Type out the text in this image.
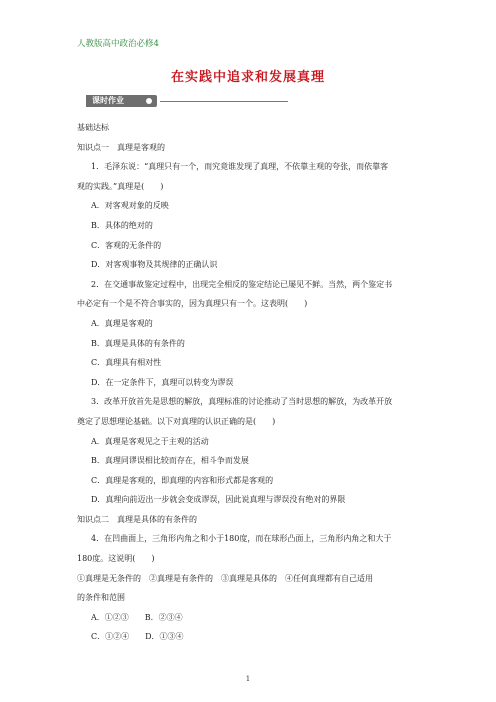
人教版高中政治必修4
在实践中追求和发展真理
课时作业
基础达标
知识点一　真理是客观的
1．毛泽东说：“真理只有一个，而究竟谁发现了真理，不依靠主观的夸张，而依靠客
观的实践。”真理是(　　)
A．对客观对象的反映
B．具体的绝对的
C．客观的无条件的
D．对客观事物及其规律的正确认识
2．在交通事故鉴定过程中，出现完全相反的鉴定结论已屡见不鲜。当然，两个鉴定书
中必定有一个是不符合事实的，因为真理只有一个。这表明(　　)
A．真理是客观的
B．真理是具体的有条件的
C．真理具有相对性
D．在一定条件下，真理可以转变为谬误
3．改革开放首先是思想的解放，真理标准的讨论推动了当时思想的解放，为改革开放
奠定了思想理论基础。以下对真理的认识正确的是(　　)
A．真理是客观见之于主观的活动
B．真理同谬误相比较而存在，相斗争而发展
C．真理是客观的，即真理的内容和形式都是客观的
D．真理向前迈出一步就会变成谬误，因此说真理与谬误没有绝对的界限
知识点二　真理是具体的有条件的
4．在凹曲面上，三角形内角之和小于180度，而在球形凸面上，三角形内角之和大于
180度。这说明(　　)
①真理是无条件的　②真理是有条件的　③真理是具体的　④任何真理都有自己适用
的条件和范围
A．①②③　　B．②③④
C．①②④　　D．①③④
1
